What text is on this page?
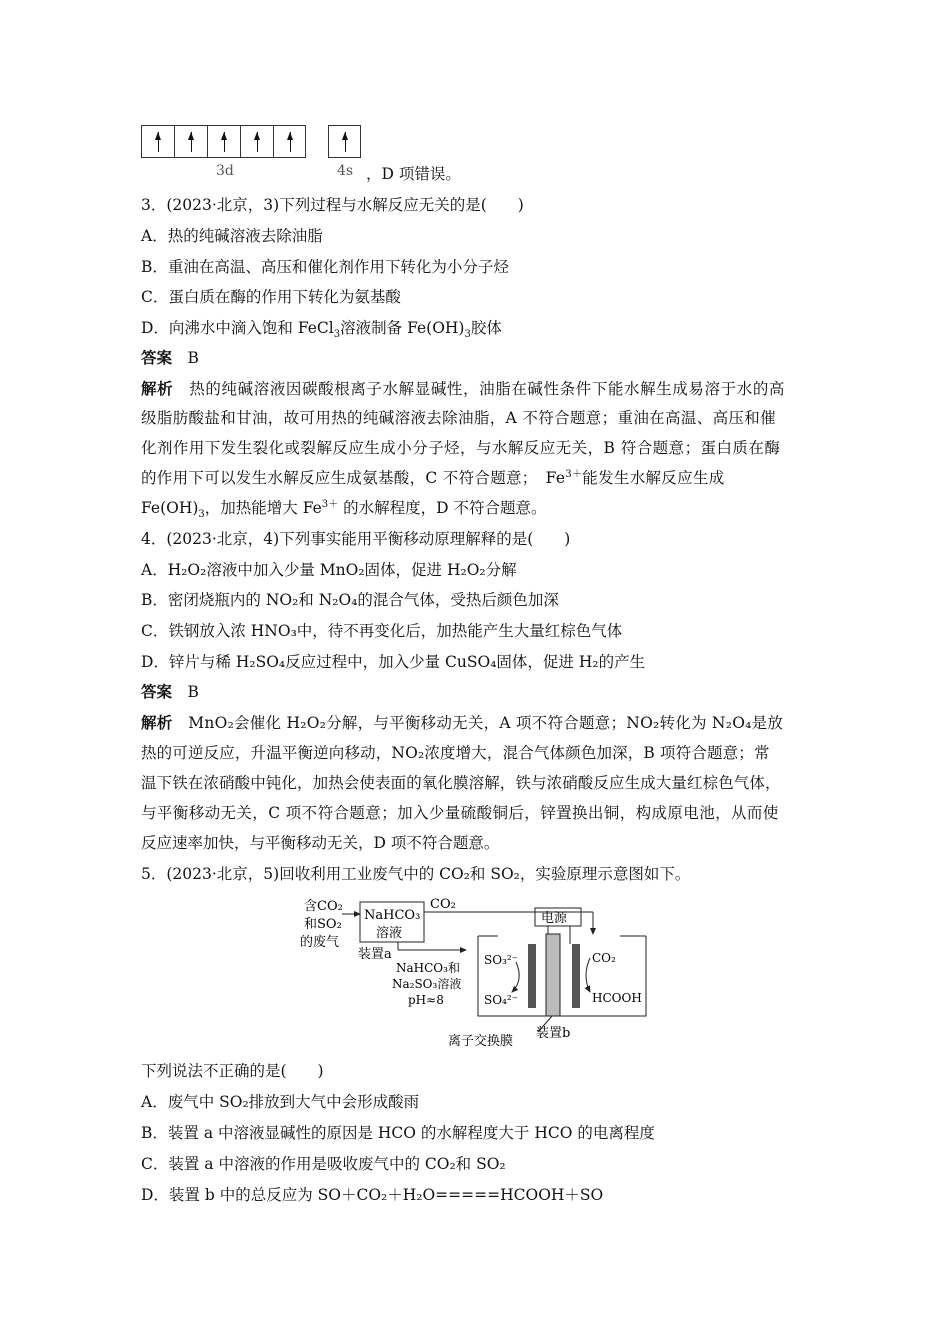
3d	4s ，D 项错误。
3．(2023·北京，3)下列过程与水解反应无关的是(　　)
A．热的纯碱溶液去除油脂
B．重油在高温、高压和催化剂作用下转化为小分子烃
C．蛋白质在酶的作用下转化为氨基酸
D．向沸水中滴入饱和 FeCl$_3$溶液制备 $Fe(OH)_3$胶体
答案　 B
解析　 热的纯碱溶液因碳酸根离子水解显碱性，油脂在碱性条件下能水解生成易溶于水的高
级脂肪酸盐和甘油，故可用热的纯碱溶液去除油脂，A 不符合题意；重油在高温、高压和催
化剂作用下发生裂化或裂解反应生成小分子烃，与水解反应无关，B 符合题意；蛋白质在酶
的作用下可以发生水解反应生成氨基酸，C 不符合题意；　$Fe^{3+}$能发生水解反应生成
$Fe(OH)_3$，加热能增大 $Fe^{3+}$ 的水解程度，D 不符合题意。
4．(2023·北京，4)下列事实能用平衡移动原理解释的是(　　)
A．H₂O₂溶液中加入少量 MnO₂固体，促进 H₂O₂分解
B．密闭烧瓶内的 NO₂和 N₂O₄的混合气体，受热后颜色加深
C．铁钢放入浓 HNO₃中，待不再变化后，加热能产生大量红棕色气体
D．锌片与稀 H₂SO₄反应过程中，加入少量 CuSO₄固体，促进 H₂的产生
答案　 B
解析　 MnO₂会催化 H₂O₂分解，与平衡移动无关，A 项不符合题意；NO₂转化为 N₂O₄是放
热的可逆反应，升温平衡逆向移动，NO₂浓度增大，混合气体颜色加深，B 项符合题意；常
温下铁在浓硝酸中钝化，加热会使表面的氧化膜溶解，铁与浓硝酸反应生成大量红棕色气体，
与平衡移动无关，C 项不符合题意；加入少量硫酸铜后，锌置换出铜，构成原电池，从而使
反应速率加快，与平衡移动无关，D 项不符合题意。
5．(2023·北京，5)回收利用工业废气中的 CO₂和 SO₂，实验原理示意图如下。
含CO₂
和SO₂
的废气
NaHCO₃
溶液
CO₂
装置a
电源
SO₃²⁻
SO₄²⁻
CO₂
HCOOH
NaHCO₃和
Na₂SO₃溶液
pH≈8
离子交换膜
装置b
下列说法不正确的是(　　)
A．废气中 SO₂排放到大气中会形成酸雨
B．装置 a 中溶液显碱性的原因是 HCO 的水解程度大于 HCO 的电离程度
C．装置 a 中溶液的作用是吸收废气中的 CO₂和 SO₂
D．装置 b 中的总反应为 SO＋CO₂＋H₂O=====HCOOH＋SO
